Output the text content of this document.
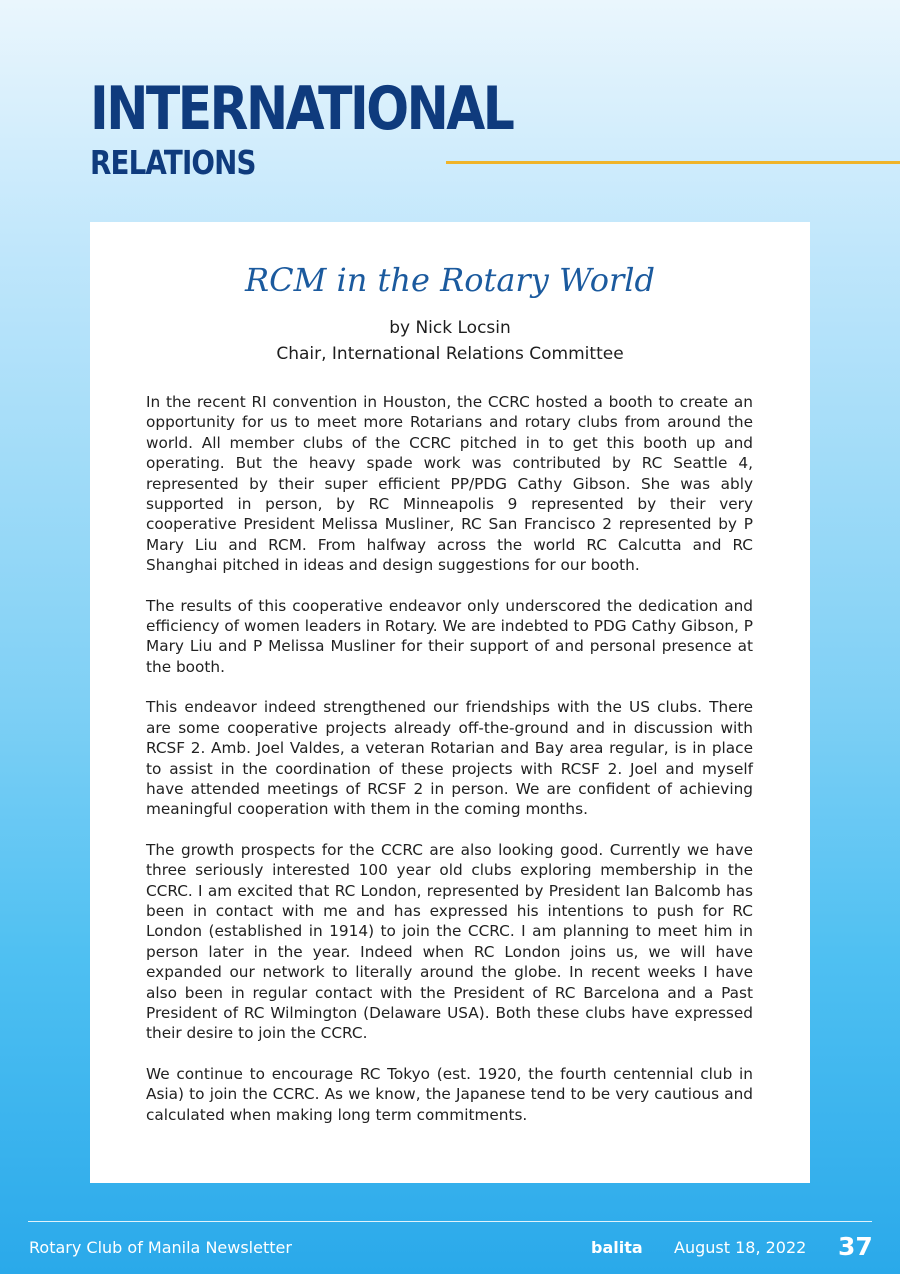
INTERNATIONAL
RELATIONS
RCM in the Rotary World
by Nick Locsin
Chair, International Relations Committee

In the recent RI convention in Houston, the CCRC hosted a booth to create an opportunity for us to meet more Rotarians and rotary clubs from around the world. All member clubs of the CCRC pitched in to get this booth up and operating. But the heavy spade work was contributed by RC Seattle 4, represented by their super efficient PP/PDG Cathy Gibson. She was ably supported in person, by RC Minneapolis 9 represented by their very cooperative President Melissa Musliner, RC San Francisco 2 represented by P Mary Liu and RCM. From halfway across the world RC Calcutta and RC Shanghai pitched in ideas and design suggestions for our booth.

The results of this cooperative endeavor only underscored the dedication and efficiency of women leaders in Rotary. We are indebted to PDG Cathy Gibson, P Mary Liu and P Melissa Musliner for their support of and personal presence at the booth.

This endeavor indeed strengthened our friendships with the US clubs. There are some cooperative projects already off-the-ground and in discussion with RCSF 2. Amb. Joel Valdes, a veteran Rotarian and Bay area regular, is in place to assist in the coordination of these projects with RCSF 2. Joel and myself have attended meetings of RCSF 2 in person. We are confident of achieving meaningful cooperation with them in the coming months.

The growth prospects for the CCRC are also looking good. Currently we have three seriously interested 100 year old clubs exploring membership in the CCRC. I am excited that RC London, represented by President Ian Balcomb has been in contact with me and has expressed his intentions to push for RC London (established in 1914) to join the CCRC. I am planning to meet him in person later in the year. Indeed when RC London joins us, we will have expanded our network to literally around the globe. In recent weeks I have also been in regular contact with the President of RC Barcelona and a Past President of RC Wilmington (Delaware USA). Both these clubs have expressed their desire to join the CCRC.

We continue to encourage RC Tokyo (est. 1920, the fourth centennial club in Asia) to join the CCRC. As we know, the Japanese tend to be very cautious and calculated when making long term commitments.

Rotary Club of Manila Newsletter	balita August 18, 2022 37
